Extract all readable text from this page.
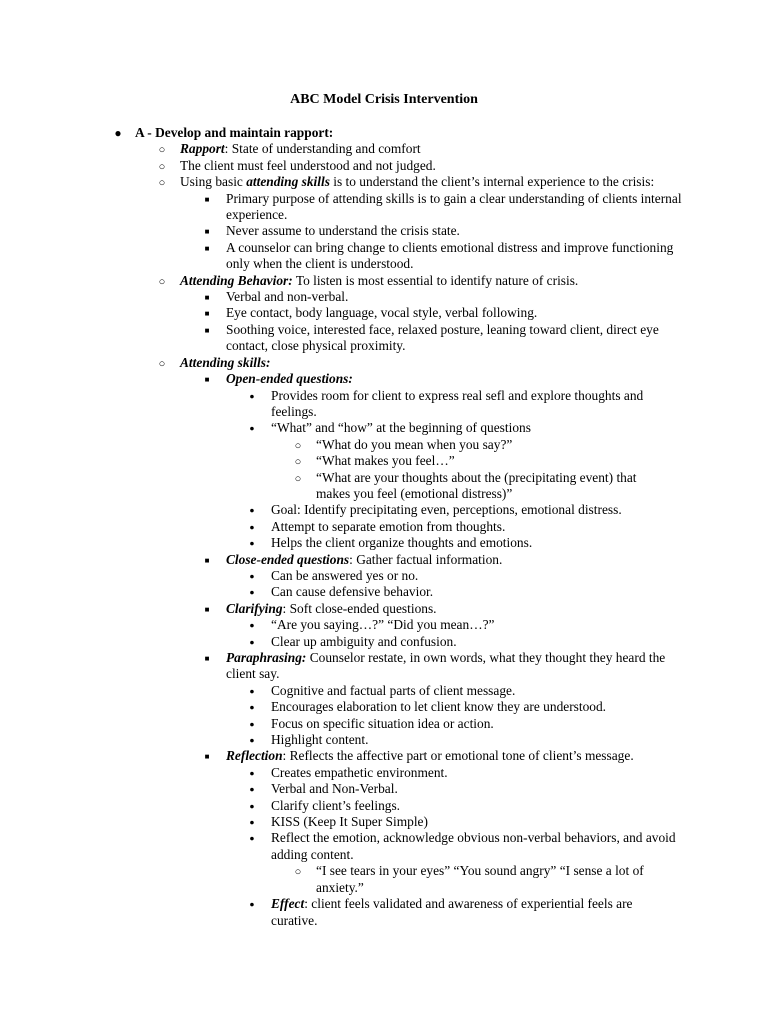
ABC Model Crisis Intervention
●
A - Develop and maintain rapport:
○
Rapport: State of understanding and comfort
○
The client must feel understood and not judged.
○
Using basic attending skills is to understand the client’s internal experience to the crisis:
■
Primary purpose of attending skills is to gain a clear understanding of clients internal experience.
■
Never assume to understand the crisis state.
■
A counselor can bring change to clients emotional distress and improve functioning only when the client is understood.
○
Attending Behavior: To listen is most essential to identify nature of crisis.
■
Verbal and non-verbal.
■
Eye contact, body language, vocal style, verbal following.
■
Soothing voice, interested face, relaxed posture, leaning toward client, direct eye contact, close physical proximity.
○
Attending skills:
■
Open-ended questions:
●
Provides room for client to express real sefl and explore thoughts and feelings.
●
“What” and “how” at the beginning of questions
○
“What do you mean when you say?”
○
“What makes you feel…”
○
“What are your thoughts about the (precipitating event) that makes you feel (emotional distress)”
●
Goal: Identify precipitating even, perceptions, emotional distress.
●
Attempt to separate emotion from thoughts.
●
Helps the client organize thoughts and emotions.
■
Close-ended questions: Gather factual information.
●
Can be answered yes or no.
●
Can cause defensive behavior.
■
Clarifying: Soft close-ended questions.
●
“Are you saying…?” “Did you mean…?”
●
Clear up ambiguity and confusion.
■
Paraphrasing: Counselor restate, in own words, what they thought they heard the client say.
●
Cognitive and factual parts of client message.
●
Encourages elaboration to let client know they are understood.
●
Focus on specific situation idea or action.
●
Highlight content.
■
Reflection: Reflects the affective part or emotional tone of client’s message.
●
Creates empathetic environment.
●
Verbal and Non-Verbal.
●
Clarify client’s feelings.
●
KISS (Keep It Super Simple)
●
Reflect the emotion, acknowledge obvious non-verbal behaviors, and avoid adding content.
○
“I see tears in your eyes” “You sound angry” “I sense a lot of anxiety.”
●
Effect: client feels validated and awareness of experiential feels are curative.
